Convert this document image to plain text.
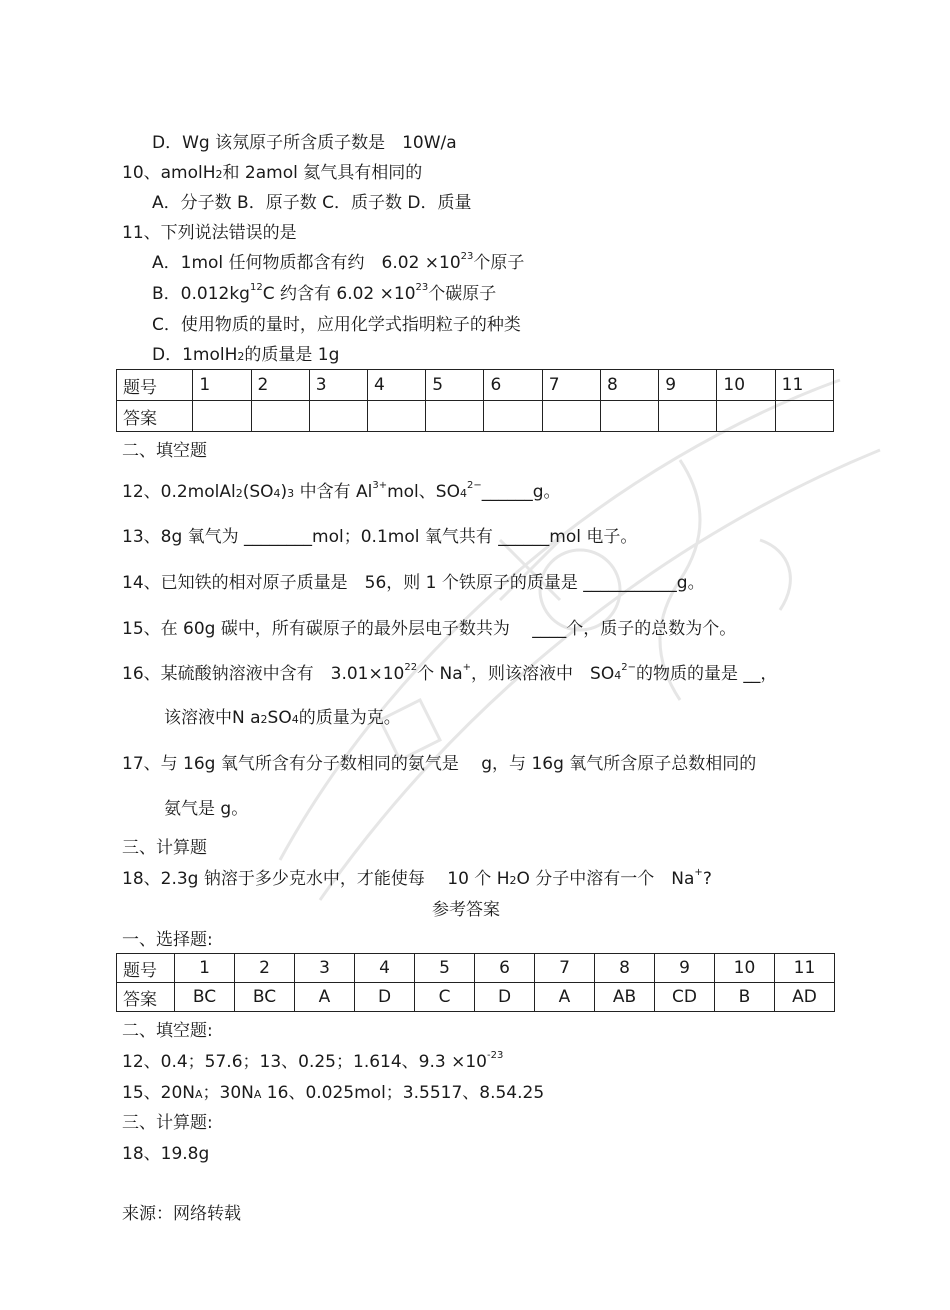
D．Wg 该氖原子所含质子数是　10W/a
10、amolH2和 2amol 氦气具有相同的
A．分子数 B．原子数 C．质子数 D．质量
11、下列说法错误的是
A．1mol 任何物质都含有约　$6.02 \times 10^{23}$个原子
B．$0.012kg^{12}C$ 约含有 $6.02 \times 10^{23}$个碳原子
C．使用物质的量时，应用化学式指明粒子的种类
D．1molH2的质量是 1g
题号	1	2	3	4	5	6	7	8	9	10	11
答案											
二、填空题
12、0.2molAl2(SO4)3 中含有 $Al^{3+}mol$、$SO4^{2-}\_\_\_\_\_\_g$。
13、8g 氧气为 ________mol；0.1mol 氧气共有 ______mol 电子。
14、已知铁的相对原子质量是　56，则 1 个铁原子的质量是 ___________g。
15、在 60g 碳中，所有碳原子的最外层电子数共为　 ____个，质子的总数为个。
16、某硫酸钠溶液中含有　$3.01\times 10^{22}$个 Na+，则该溶液中　$SO4^{2-}$的物质的量是 __，
该溶液中N a2SO4的质量为克。
17、与 16g 氧气所含有分子数相同的氨气是　 g，与 16g 氧气所含原子总数相同的
氨气是 g。
三、计算题
18、2.3g 钠溶于多少克水中，才能使每　 10 个 H2O 分子中溶有一个　Na+?
参考答案
一、选择题:
题号	1	2	3	4	5	6	7	8	9	10	11
答案	BC	BC	A	D	C	D	A	AB	CD	B	AD
二、填空题:
12、0.4；57.6；13、0.25；1.614、$9.3 \times 10^{-23}$
15、20NA；30NA 16、0.025mol；3.5517、8.54.25
三、计算题:
18、19.8g
来源：网络转载
